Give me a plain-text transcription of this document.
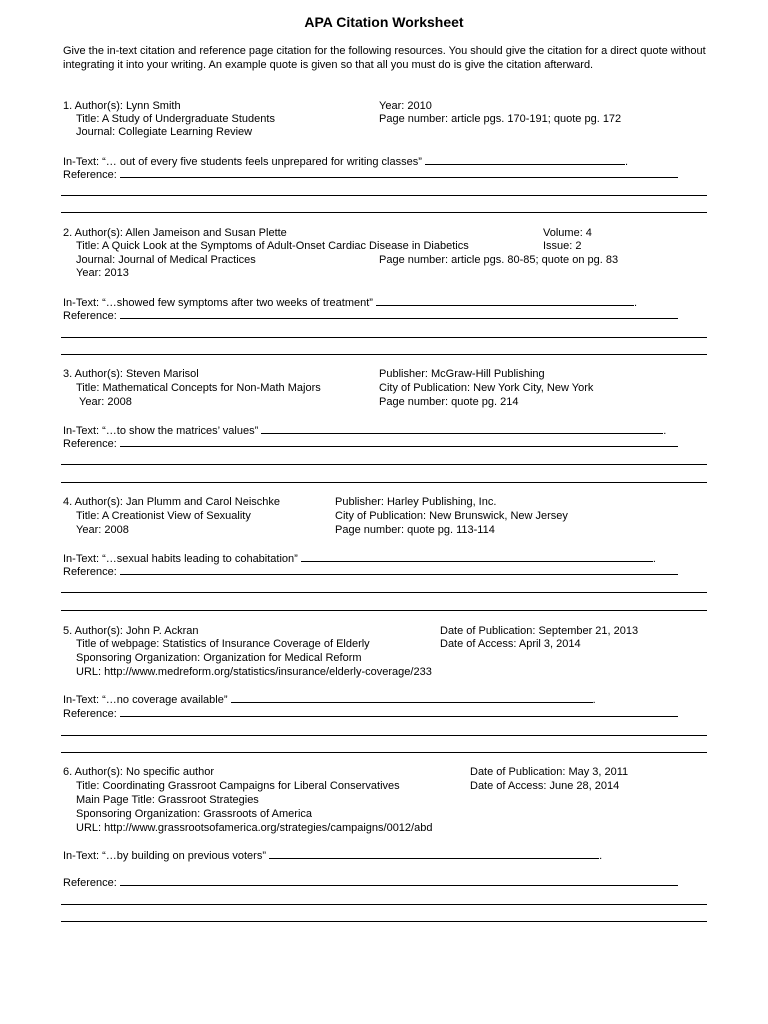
APA Citation Worksheet
Give the in-text citation and reference page citation for the following resources. You should give the citation for a direct quote without integrating it into your writing. An example quote is given so that all you must do is give the citation afterward.
1. Author(s): Lynn Smith
Title: A Study of Undergraduate Students
Journal: Collegiate Learning Review
Year: 2010
Page number: article pgs. 170-191; quote pg. 172
In-Text: “… out of every five students feels unprepared for writing classes”	.
Reference:
2. Author(s): Allen Jameison and Susan Plette
Title: A Quick Look at the Symptoms of Adult-Onset Cardiac Disease in Diabetics
Journal: Journal of Medical Practices
Year: 2013
Volume: 4
Issue: 2
Page number: article pgs. 80-85; quote on pg. 83
In-Text: “…showed few symptoms after two weeks of treatment”	.
Reference:
3. Author(s): Steven Marisol
Title: Mathematical Concepts for Non-Math Majors
Year: 2008
Publisher: McGraw-Hill Publishing
City of Publication: New York City, New York
Page number: quote pg. 214
In-Text: “…to show the matrices’ values”	.
Reference:
4. Author(s): Jan Plumm and Carol Neischke
Title: A Creationist View of Sexuality
Year: 2008
Publisher: Harley Publishing, Inc.
City of Publication: New Brunswick, New Jersey
Page number: quote pg. 113-114
In-Text: “…sexual habits leading to cohabitation”	.
Reference:
5. Author(s): John P. Ackran
Title of webpage: Statistics of Insurance Coverage of Elderly
Sponsoring Organization: Organization for Medical Reform
URL: http://www.medreform.org/statistics/insurance/elderly-coverage/233
Date of Publication: September 21, 2013
Date of Access: April 3, 2014
In-Text: “…no coverage available”	.
Reference:
6. Author(s): No specific author
Title: Coordinating Grassroot Campaigns for Liberal Conservatives
Main Page Title: Grassroot Strategies
Sponsoring Organization: Grassroots of America
URL: http://www.grassrootsofamerica.org/strategies/campaigns/0012/abd
Date of Publication: May 3, 2011
Date of Access: June 28, 2014
In-Text: “…by building on previous voters”	.
Reference:
